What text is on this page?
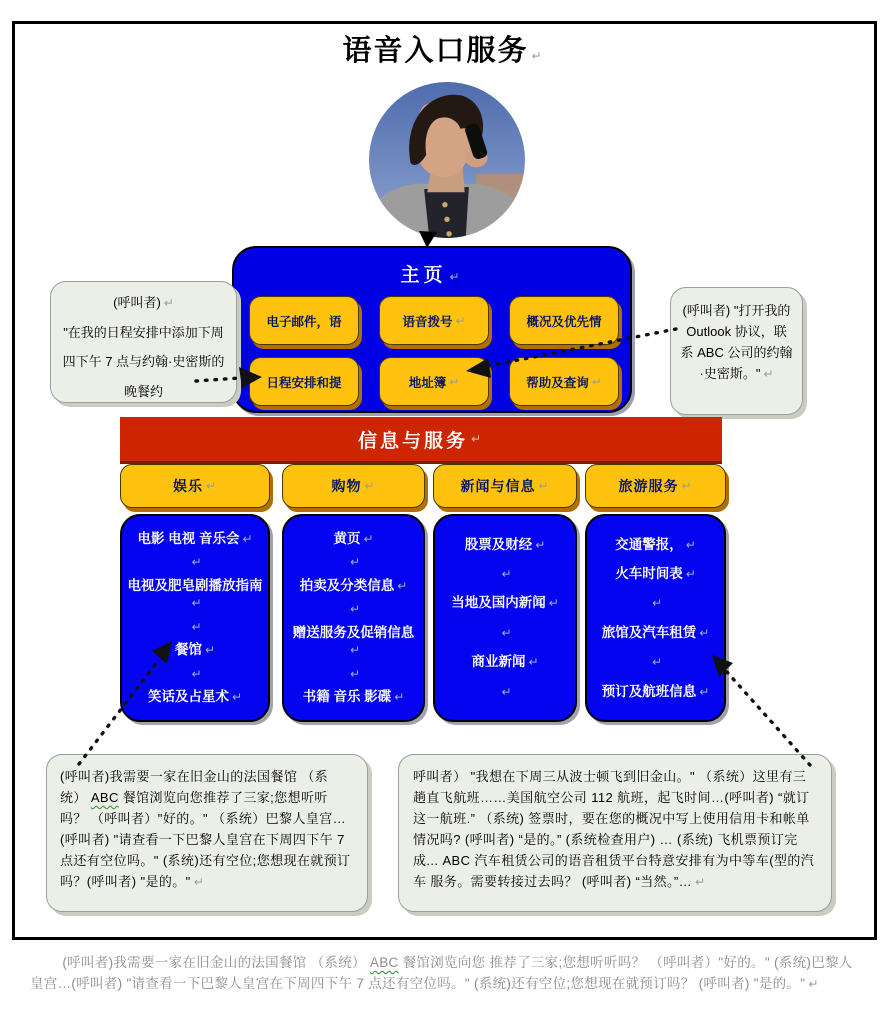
语音入口服务 ↵
主页 ↵
电子邮件，语	语音拨号 ↵	概况及优先情
日程安排和提	地址簿 ↵	帮助及查询 ↵
(呼叫者) ↵
"在我的日程安排中添加下周四下午 7 点与约翰·史密斯的晚餐约
(呼叫者) "打开我的 Outlook 协议，联系 ABC 公司的约翰·史密斯。" ↵
信息与服务 ↵
娱乐 ↵
电影 电视 音乐会 ↵
↵
电视及肥皂剧播放指南↵
↵
餐馆 ↵
↵
笑话及占星术 ↵
购物 ↵
黄页 ↵
↵
拍卖及分类信息 ↵
↵
赠送服务及促销信息↵
↵
书籍 音乐 影碟 ↵
新闻与信息 ↵
股票及财经 ↵
↵
当地及国内新闻 ↵
↵
商业新闻 ↵
↵
旅游服务 ↵
交通警报， ↵
火车时间表 ↵
↵
旅馆及汽车租赁 ↵
↵
预订及航班信息 ↵
(呼叫者)我需要一家在旧金山的法国餐馆 （系统） ABC 餐馆浏览向您推荐了三家;您想听听吗？ （呼叫者）"好的。" （系统）巴黎人皇宫…(呼叫者) "请查看一下巴黎人皇宫在下周四下午 7 点还有空位吗。" (系统)还有空位;您想现在就预订吗？(呼叫者) "是的。" ↵
呼叫者） "我想在下周三从波士顿飞到旧金山。" （系统）这里有三趟直飞航班……美国航空公司 112 航班，起飞时间…(呼叫者) “就订这一航班.” （系统) 签票时，要在您的概况中写上使用信用卡和帐单情况吗? (呼叫者) “是的。” (系统检查用户) … (系统) 飞机票预订完成... ABC 汽车租赁公司的语音租赁平台特意安排有为中等车(型的汽车 服务。需要转接过去吗？ (呼叫者) “当然。”… ↵
(呼叫者)我需要一家在旧金山的法国餐馆 （系统） ABC 餐馆浏览向您 推荐了三家;您想听听吗？ （呼叫者）"好的。" (系统)巴黎人皇宫…(呼叫者) "请查看一下巴黎人皇宫在下周四下午 7 点还有空位吗。" (系统)还有空位;您想现在就预订吗？ (呼叫者) "是的。" ↵
